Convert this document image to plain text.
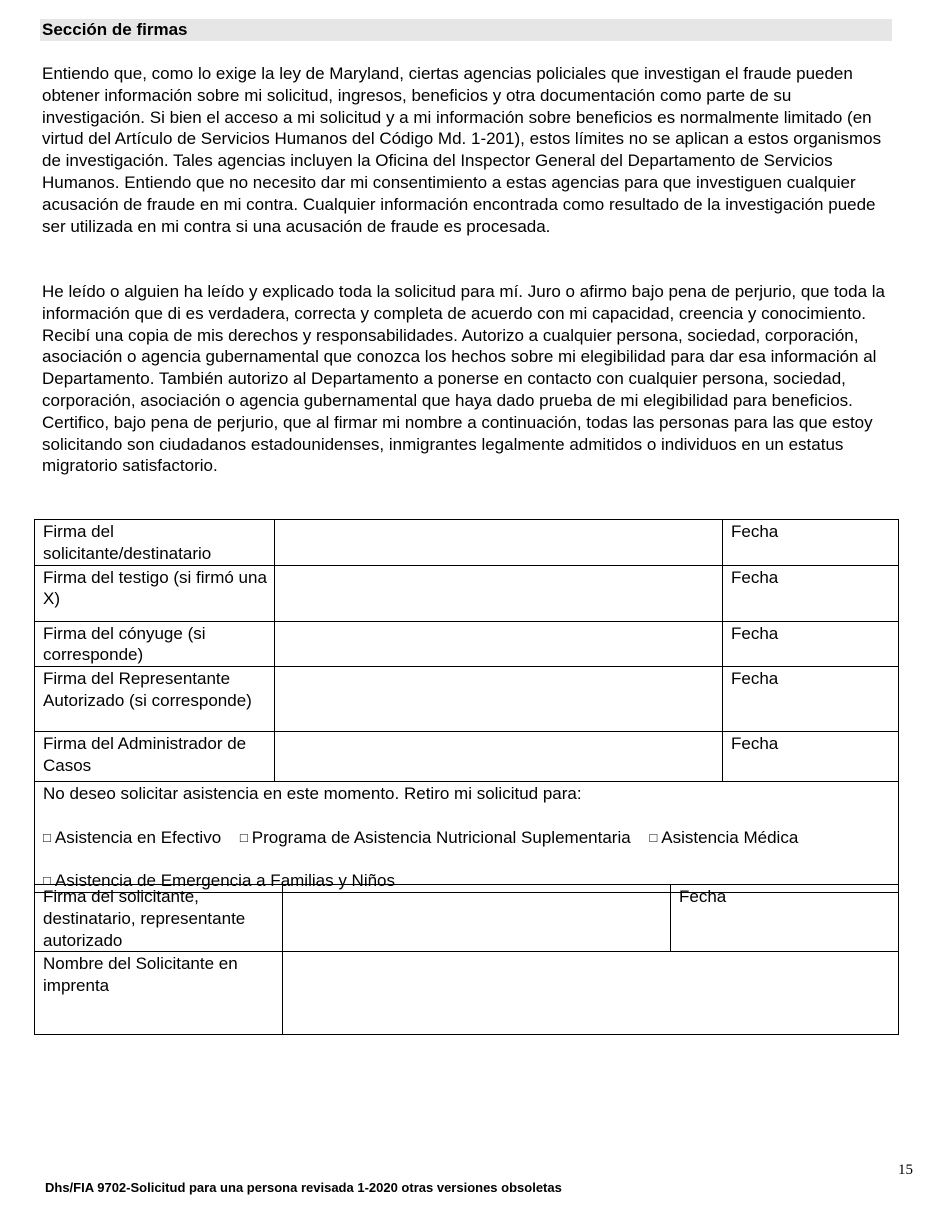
Sección de firmas

Entiendo que, como lo exige la ley de Maryland, ciertas agencias policiales que investigan el fraude pueden obtener información sobre mi solicitud, ingresos, beneficios y otra documentación como parte de su investigación. Si bien el acceso a mi solicitud y a mi información sobre beneficios es normalmente limitado (en virtud del Artículo de Servicios Humanos del Código Md. 1-201), estos límites no se aplican a estos organismos de investigación. Tales agencias incluyen la Oficina del Inspector General del Departamento de Servicios Humanos. Entiendo que no necesito dar mi consentimiento a estas agencias para que investiguen cualquier acusación de fraude en mi contra. Cualquier información encontrada como resultado de la investigación puede ser utilizada en mi contra si una acusación de fraude es procesada.

He leído o alguien ha leído y explicado toda la solicitud para mí. Juro o afirmo bajo pena de perjurio, que toda la información que di es verdadera, correcta y completa de acuerdo con mi capacidad, creencia y conocimiento. Recibí una copia de mis derechos y responsabilidades. Autorizo a cualquier persona, sociedad, corporación, asociación o agencia gubernamental que conozca los hechos sobre mi elegibilidad para dar esa información al Departamento. También autorizo al Departamento a ponerse en contacto con cualquier persona, sociedad, corporación, asociación o agencia gubernamental que haya dado prueba de mi elegibilidad para beneficios. Certifico, bajo pena de perjurio, que al firmar mi nombre a continuación, todas las personas para las que estoy solicitando son ciudadanos estadounidenses, inmigrantes legalmente admitidos o individuos en un estatus migratorio satisfactorio.

Firma del solicitante/destinatario		Fecha
Firma del testigo (si firmó una X)		Fecha
Firma del cónyuge (si corresponde)		Fecha
Firma del Representante Autorizado (si corresponde)		Fecha
Firma del Administrador de Casos		Fecha

No deseo solicitar asistencia en este momento. Retiro mi solicitud para:
□ Asistencia en Efectivo □ Programa de Asistencia Nutricional Suplementaria □ Asistencia Médica
□ Asistencia de Emergencia a Familias y Niños		
Firma del solicitante, destinatario, representante autorizado		Fecha
Nombre del Solicitante en imprenta		
15
Dhs/FIA 9702-Solicitud para una persona revisada 1-2020 otras versiones obsoletas
